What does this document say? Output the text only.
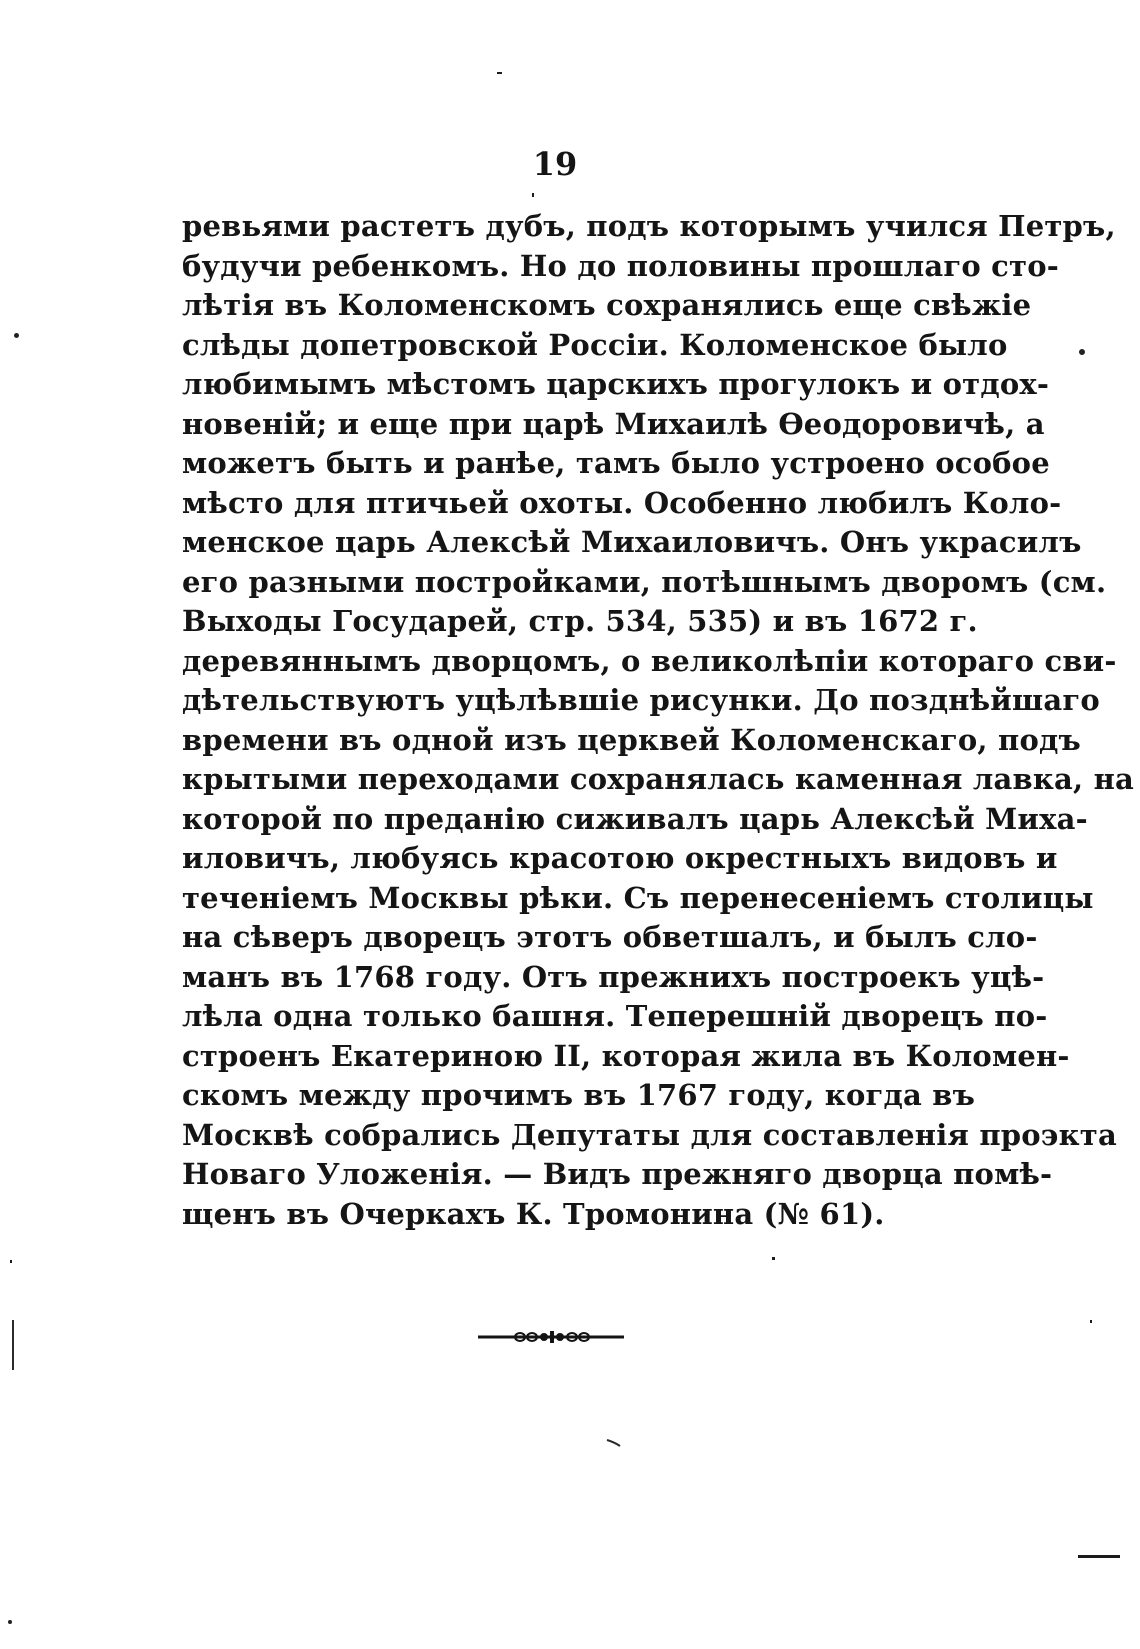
19
ревьями растетъ дубъ, подъ которымъ учился Петръ,
будучи ребенкомъ. Но до половины прошлаго сто-
лѣтія въ Коломенскомъ сохранялись еще свѣжіе
слѣды допетровской Россіи. Коломенское было
любимымъ мѣстомъ царскихъ прогулокъ и отдох-
новеній; и еще при царѣ Михаилѣ Ѳеодоровичѣ, а
можетъ быть и ранѣе, тамъ было устроено особое
мѣсто для птичьей охоты. Особенно любилъ Коло-
менское царь Алексѣй Михаиловичъ. Онъ украсилъ
его разными постройками, потѣшнымъ дворомъ (см.
Выходы Государей, стр. 534, 535) и въ 1672 г.
деревяннымъ дворцомъ, о великолѣпіи котораго сви-
дѣтельствуютъ уцѣлѣвшіе рисунки. До позднѣйшаго
времени въ одной изъ церквей Коломенскаго, подъ
крытыми переходами сохранялась каменная лавка, на
которой по преданію сиживалъ царь Алексѣй Миха-
иловичъ, любуясь красотою окрестныхъ видовъ и
теченіемъ Москвы рѣки. Съ перенесеніемъ столицы
на сѣверъ дворецъ этотъ обветшалъ, и былъ сло-
манъ въ 1768 году. Отъ прежнихъ построекъ уцѣ-
лѣла одна только башня. Теперешній дворецъ по-
строенъ Екатериною II, которая жила въ Коломен-
скомъ между прочимъ въ 1767 году, когда въ
Москвѣ собрались Депутаты для составленія проэкта
Новаго Уложенія. — Видъ прежняго дворца помѣ-
щенъ въ Очеркахъ К. Тромонина (№ 61).
